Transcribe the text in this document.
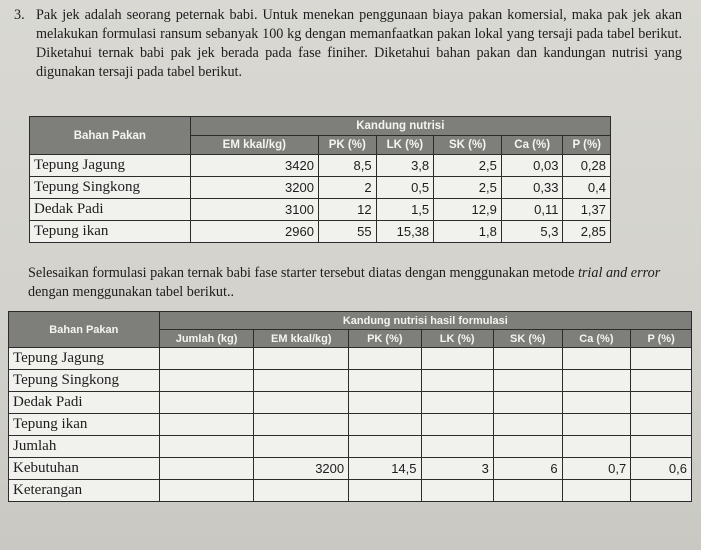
3. Pak jek adalah seorang peternak babi. Untuk menekan penggunaan biaya pakan komersial, maka pak jek akan melakukan formulasi ransum sebanyak 100 kg dengan memanfaatkan pakan lokal yang tersaji pada tabel berikut. Diketahui ternak babi pak jek berada pada fase finiher. Diketahui bahan pakan dan kandungan nutrisi yang digunakan tersaji pada tabel berikut.
Bahan Pakan	Kandung nutrisi					
	EM kkal/kg)	PK (%)	LK (%)	SK (%)	Ca (%)	P (%)
Tepung Jagung	3420	8,5	3,8	2,5	0,03	0,28
Tepung Singkong	3200	2	0,5	2,5	0,33	0,4
Dedak Padi	3100	12	1,5	12,9	0,11	1,37
Tepung ikan	2960	55	15,38	1,8	5,3	2,85
Selesaikan formulasi pakan ternak babi fase starter tersebut diatas dengan menggunakan metode trial and error dengan menggunakan tabel berikut..
Bahan Pakan	Kandung nutrisi hasil formulasi						
	Jumlah (kg)	EM kkal/kg)	PK (%)	LK (%)	SK (%)	Ca (%)	P (%)
Tepung Jagung							
Tepung Singkong							
Dedak Padi							
Tepung ikan							
Jumlah							
Kebutuhan		3200	14,5	3	6	0,7	0,6
Keterangan							
